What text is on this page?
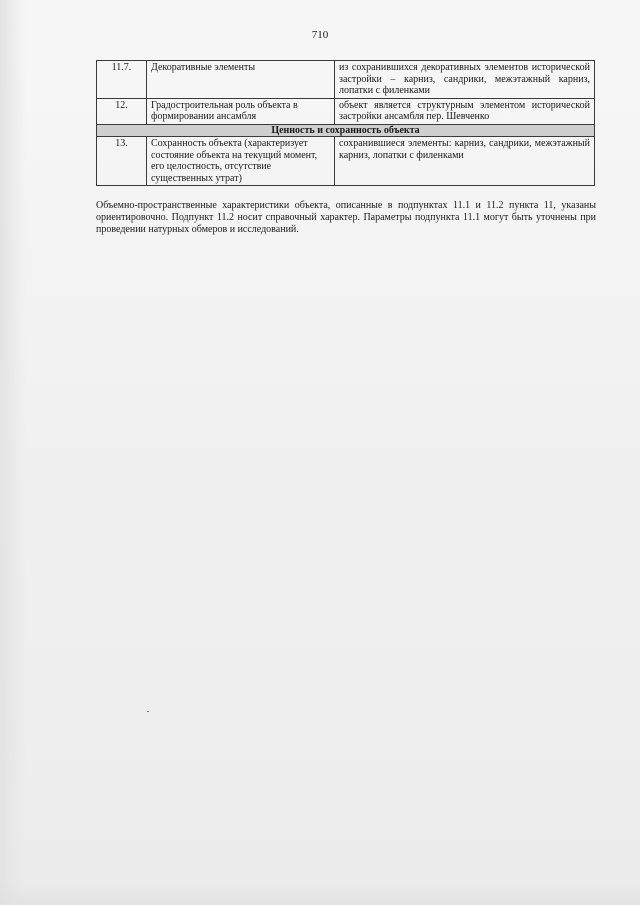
710
11.7.	Декоративные элементы	из сохранившихся декоративных элементов исторической застройки – карниз, сандрики, межэтажный карниз, лопатки с филенками
12.	Градостроительная роль объекта в формировании ансамбля	объект является структурным элементом исторической застройки ансамбля пер. Шевченко
Ценность и сохранность объекта		
13.	Сохранность объекта (характеризует состояние объекта на текущий момент, его целостность, отсутствие существенных утрат)	сохранившиеся элементы: карниз, сандрики, межэтажный карниз, лопатки с филенками
Объемно-пространственные характеристики объекта, описанные в подпунктах 11.1 и 11.2 пункта 11, указаны ориентировочно. Подпункт 11.2 носит справочный характер. Параметры подпункта 11.1 могут быть уточнены при проведении натурных обмеров и исследований.
